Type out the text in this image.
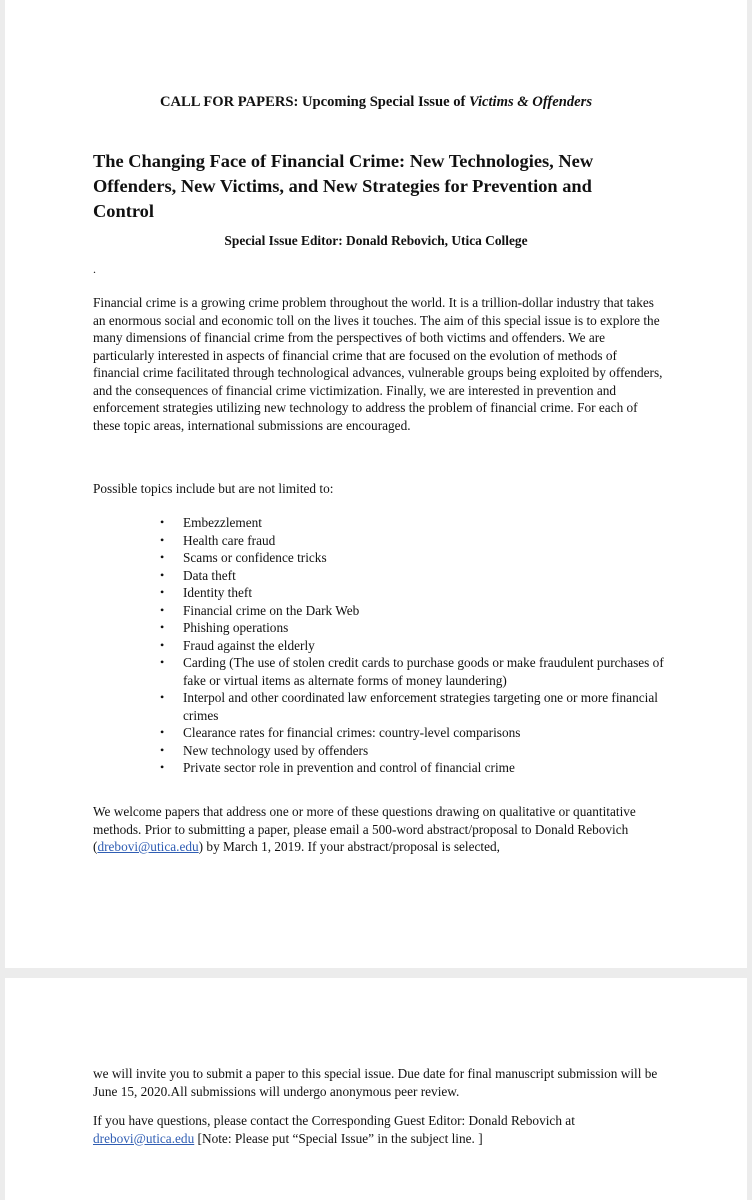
CALL FOR PAPERS: Upcoming Special Issue of Victims & Offenders
The Changing Face of Financial Crime: New Technologies, New Offenders, New Victims, and New Strategies for Prevention and Control
Special Issue Editor: Donald Rebovich, Utica College
.

Financial crime is a growing crime problem throughout the world. It is a trillion-dollar industry that takes an enormous social and economic toll on the lives it touches. The aim of this special issue is to explore the many dimensions of financial crime from the perspectives of both victims and offenders. We are particularly interested in aspects of financial crime that are focused on the evolution of methods of financial crime facilitated through technological advances, vulnerable groups being exploited by offenders, and the consequences of financial crime victimization. Finally, we are interested in prevention and enforcement strategies utilizing new technology to address the problem of financial crime. For each of these topic areas, international submissions are encouraged.

Possible topics include but are not limited to:

• Embezzlement
• Health care fraud
• Scams or confidence tricks
• Data theft
• Identity theft
• Financial crime on the Dark Web
• Phishing operations
• Fraud against the elderly
• Carding (The use of stolen credit cards to purchase goods or make fraudulent purchases of fake or virtual items as alternate forms of money laundering)
• Interpol and other coordinated law enforcement strategies targeting one or more financial crimes
• Clearance rates for financial crimes: country-level comparisons
• New technology used by offenders
• Private sector role in prevention and control of financial crime

We welcome papers that address one or more of these questions drawing on qualitative or quantitative methods. Prior to submitting a paper, please email a 500-word abstract/proposal to Donald Rebovich (drebovi@utica.edu) by March 1, 2019. If your abstract/proposal is selected,

we will invite you to submit a paper to this special issue. Due date for final manuscript submission will be June 15, 2020.All submissions will undergo anonymous peer review.

If you have questions, please contact the Corresponding Guest Editor: Donald Rebovich at drebovi@utica.edu [Note: Please put “Special Issue” in the subject line. ]
